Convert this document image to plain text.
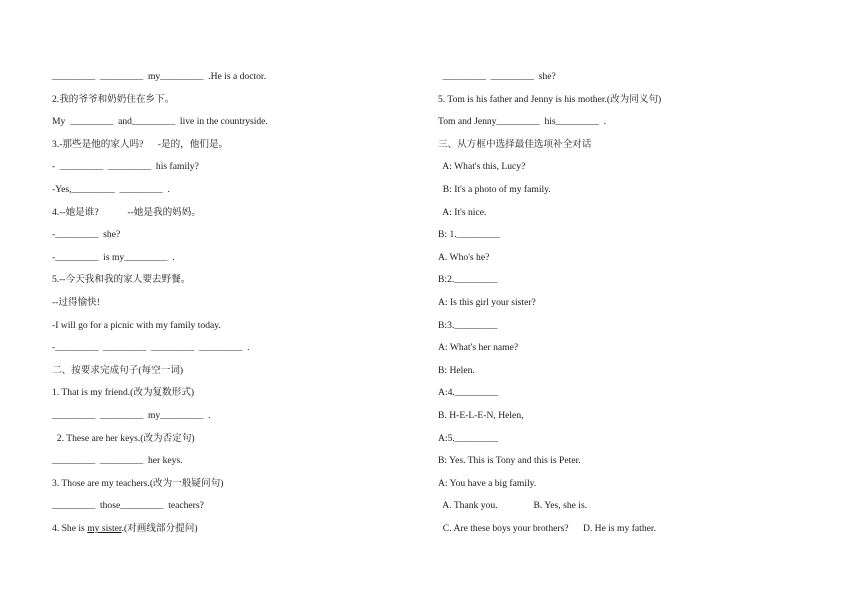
_________  _________  my_________  .He is a doctor.
2.我的爷爷和奶奶住在乡下。
My  _________  and_________  live in the countryside.
3.-那些是他的家人吗?      -是的，他们是。
-  _________  _________  his family?
-Yes,_________  _________  .
4.--她是谁?            --她是我的妈妈。
-_________  she?
-_________  is my_________  .
5.--今天我和我的家人要去野餐。
--过得愉快!
-I will go for a picnic with my family today.
-_________  _________  _________  _________  .
二、按要求完成句子(每空一词)
1. That is my friend.(改为复数形式)
_________  _________  my_________  .
2. These are her keys.(改为否定句)
_________  _________  her keys.
3. Those are my teachers.(改为一般疑问句)
_________  those_________  teachers?
4. She is my sister.(对画线部分提问)
_________  _________  she?
5. Tom is his father and Jenny is his mother.(改为同义句)
Tom and Jenny_________  his_________  .
三、从方框中选择最佳选项补全对话
A: What's this, Lucy?
B: It's a photo of my family.
A: It's nice.
B: 1._________
A. Who's he?
B:2._________
A: Is this girl your sister?
B:3._________
A: What's her name?
B: Helen.
A:4._________
B. H-E-L-E-N, Helen,
A:5._________
B: Yes. This is Tony and this is Peter.
A: You have a big family.
A. Thank you.               B. Yes, she is.
C. Are these boys your brothers?      D. He is my father.
